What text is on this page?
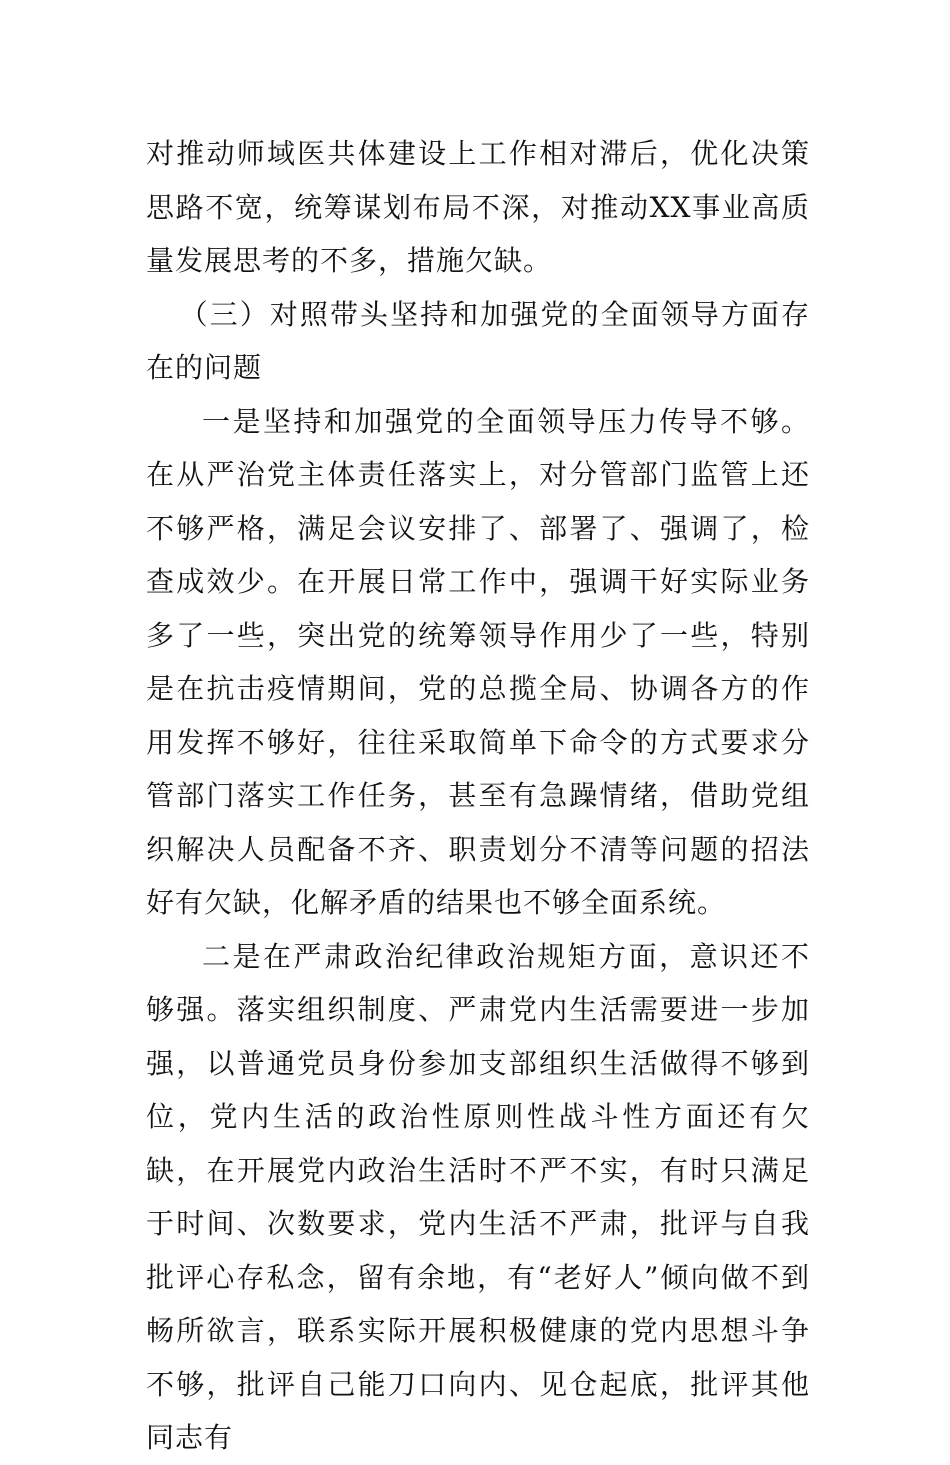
对推动师域医共体建设上工作相对滞后，优化决策思路不宽，统筹谋划布局不深，对推动XX事业高质量发展思考的不多，措施欠缺。

（三）对照带头坚持和加强党的全面领导方面存在的问题

一是坚持和加强党的全面领导压力传导不够。在从严治党主体责任落实上，对分管部门监管上还不够严格，满足会议安排了、部署了、强调了，检查成效少。在开展日常工作中，强调干好实际业务多了一些，突出党的统筹领导作用少了一些，特别是在抗击疫情期间，党的总揽全局、协调各方的作用发挥不够好，往往采取简单下命令的方式要求分管部门落实工作任务，甚至有急躁情绪，借助党组织解决人员配备不齐、职责划分不清等问题的招法好有欠缺，化解矛盾的结果也不够全面系统。

二是在严肃政治纪律政治规矩方面，意识还不够强。落实组织制度、严肃党内生活需要进一步加强，以普通党员身份参加支部组织生活做得不够到位，党内生活的政治性原则性战斗性方面还有欠缺，在开展党内政治生活时不严不实，有时只满足于时间、次数要求，党内生活不严肃，批评与自我批评心存私念，留有余地，有“老好人”倾向做不到畅所欲言，联系实际开展积极健康的党内思想斗争不够，批评自己能刀口向内、见仓起底，批评其他同志有
